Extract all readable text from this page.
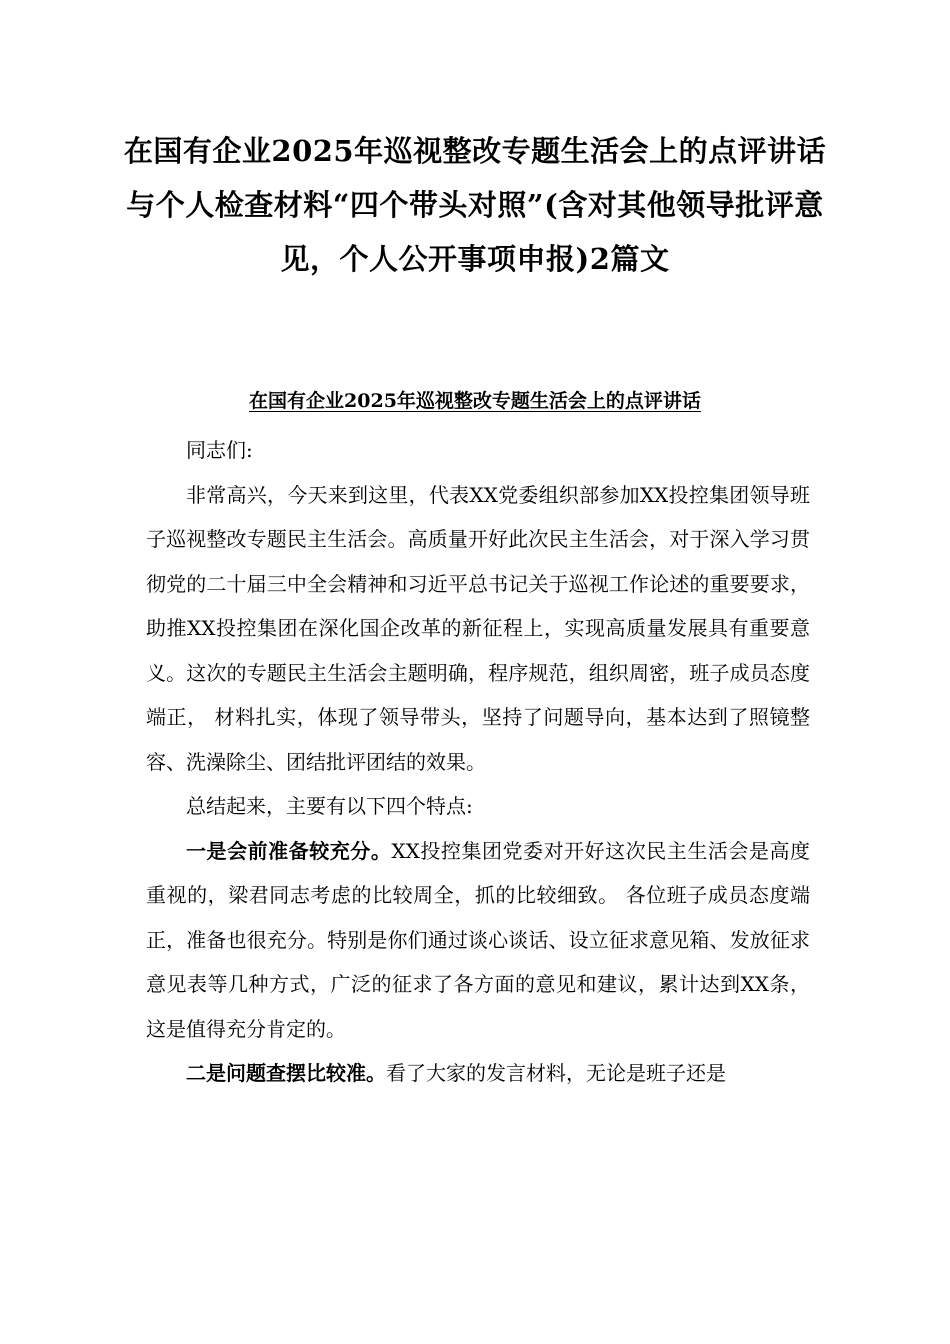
在国有企业2025年巡视整改专题生活会上的点评讲话与个人检查材料“四个带头对照”(含对其他领导批评意见，个人公开事项申报)2篇文
在国有企业2025年巡视整改专题生活会上的点评讲话

同志们:

非常高兴，今天来到这里，代表XX党委组织部参加XX投控集团领导班子巡视整改专题民主生活会。高质量开好此次民主生活会，对于深入学习贯彻党的二十届三中全会精神和习近平总书记关于巡视工作论述的重要要求，助推XX投控集团在深化国企改革的新征程上，实现高质量发展具有重要意义。这次的专题民主生活会主题明确，程序规范，组织周密，班子成员态度端正， 材料扎实，体现了领导带头，坚持了问题导向，基本达到了照镜整容、洗澡除尘、团结批评团结的效果。

总结起来，主要有以下四个特点:

一是会前准备较充分。XX投控集团党委对开好这次民主生活会是高度重视的，梁君同志考虑的比较周全，抓的比较细致。 各位班子成员态度端正，准备也很充分。特别是你们通过谈心谈话、设立征求意见箱、发放征求意见表等几种方式，广泛的征求了各方面的意见和建议，累计达到XX条，这是值得充分肯定的。

二是问题查摆比较准。看了大家的发言材料，无论是班子还是
